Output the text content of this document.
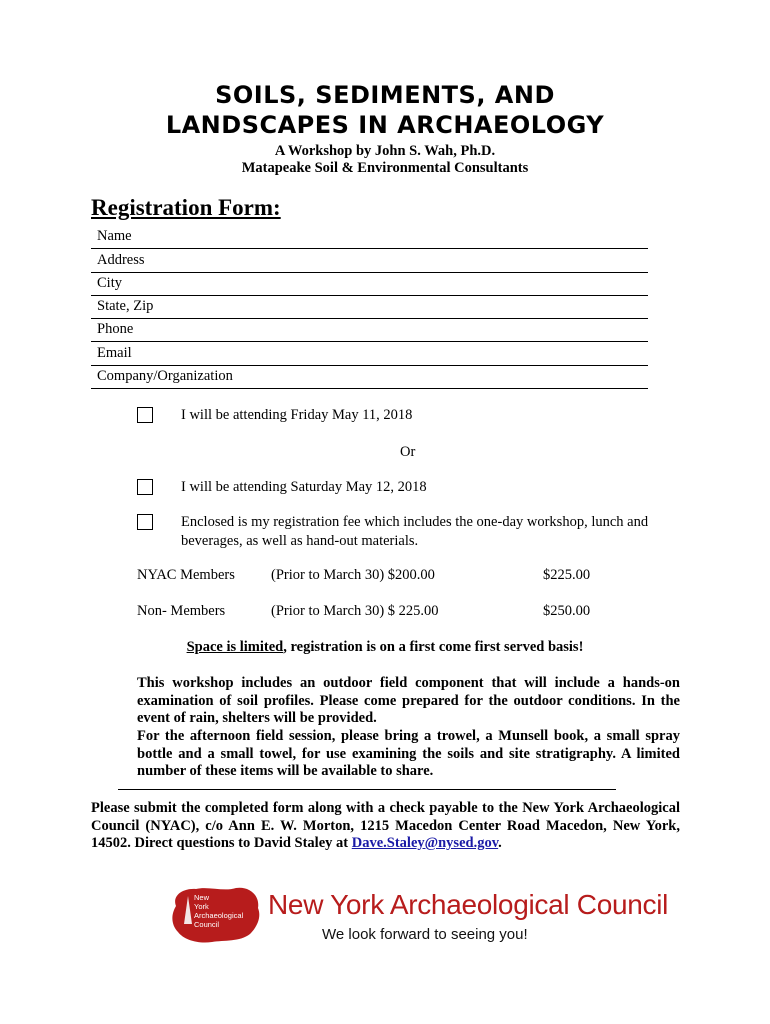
SOILS, SEDIMENTS, AND
LANDSCAPES IN ARCHAEOLOGY
A Workshop by John S. Wah, Ph.D.
Matapeake Soil & Environmental Consultants
Registration Form:
Name
Address
City
State, Zip
Phone
Email
Company/Organization
I will be attending Friday May 11, 2018
Or
I will be attending Saturday May 12, 2018
Enclosed is my registration fee which includes the one-day workshop, lunch and beverages, as well as hand-out materials.
NYAC Members (Prior to March 30) $200.00	$225.00
Non- Members	(Prior to March 30) $ 225.00	$250.00
Space is limited, registration is on a first come first served basis!
This workshop includes an outdoor field component that will include a hands-on examination of soil profiles. Please come prepared for the outdoor conditions. In the event of rain, shelters will be provided.
For the afternoon field session, please bring a trowel, a Munsell book, a small spray bottle and a small towel, for use examining the soils and site stratigraphy. A limited number of these items will be available to share.
Please submit the completed form along with a check payable to the New York Archaeological Council (NYAC), c/o Ann E. W. Morton, 1215 Macedon Center Road Macedon, New York, 14502. Direct questions to David Staley at Dave.Staley@nysed.gov.
New
York
Archaeological
Council
New York Archaeological Council
We look forward to seeing you!
